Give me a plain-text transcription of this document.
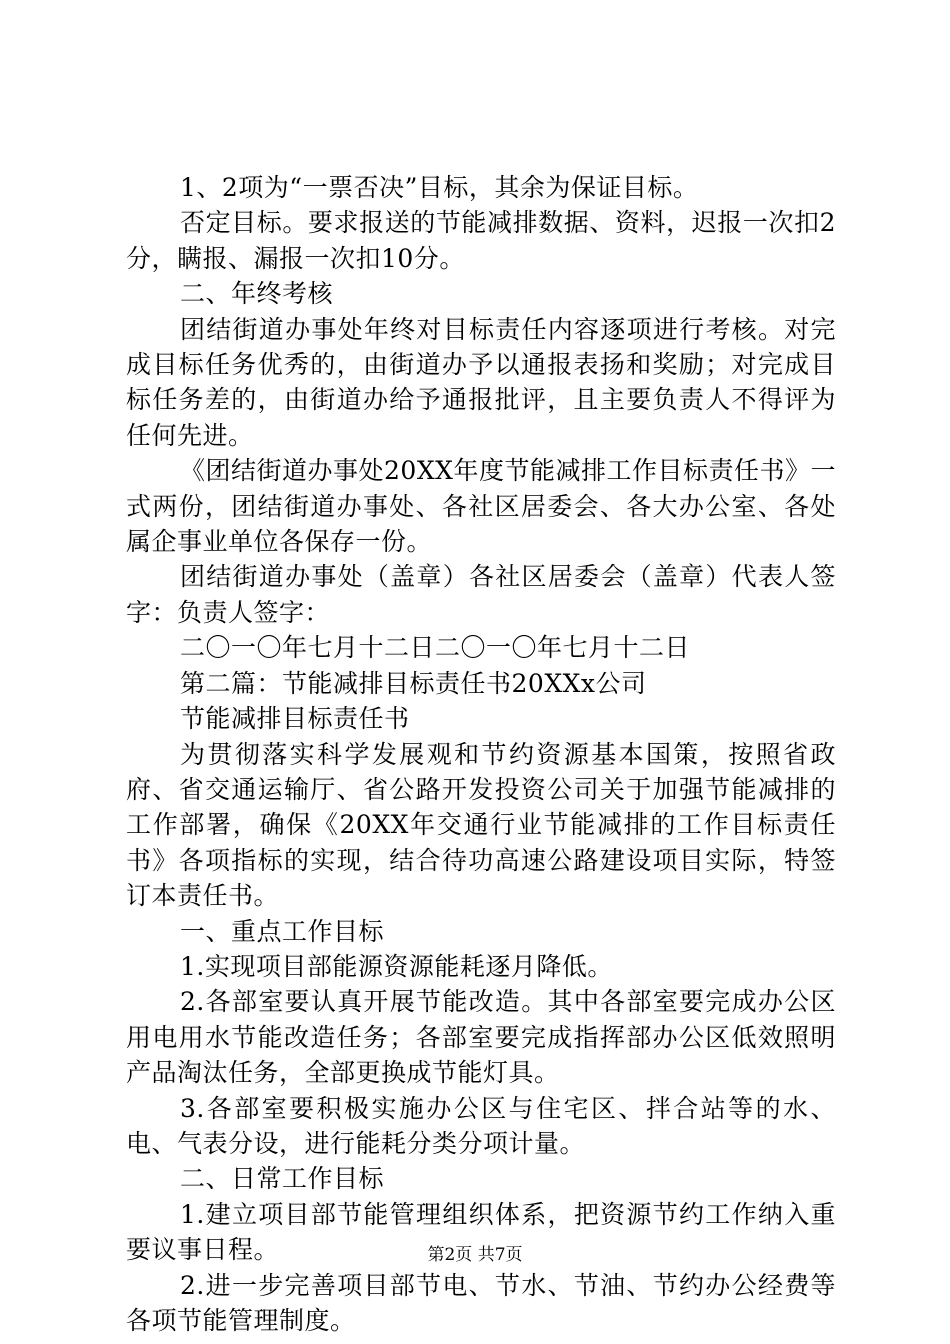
1、2项为“一票否决”目标，其余为保证目标。

否定目标。要求报送的节能减排数据、资料，迟报一次扣2分，瞒报、漏报一次扣10分。

二、年终考核

团结街道办事处年终对目标责任内容逐项进行考核。对完成目标任务优秀的，由街道办予以通报表扬和奖励；对完成目标任务差的，由街道办给予通报批评，且主要负责人不得评为任何先进。

《团结街道办事处20XX年度节能减排工作目标责任书》一式两份，团结街道办事处、各社区居委会、各大办公室、各处属企事业单位各保存一份。

团结街道办事处（盖章）各社区居委会（盖章）代表人签字：负责人签字：

二〇一〇年七月十二日二〇一〇年七月十二日

第二篇：节能减排目标责任书20XXx公司

节能减排目标责任书

为贯彻落实科学发展观和节约资源基本国策，按照省政府、省交通运输厅、省公路开发投资公司关于加强节能减排的工作部署，确保《20XX年交通行业节能减排的工作目标责任书》各项指标的实现，结合待功高速公路建设项目实际，特签订本责任书。

一、重点工作目标

1.实现项目部能源资源能耗逐月降低。

2.各部室要认真开展节能改造。其中各部室要完成办公区用电用水节能改造任务；各部室要完成指挥部办公区低效照明产品淘汰任务，全部更换成节能灯具。

3.各部室要积极实施办公区与住宅区、拌合站等的水、电、气表分设，进行能耗分类分项计量。

二、日常工作目标

1.建立项目部节能管理组织体系，把资源节约工作纳入重要议事日程。

2.进一步完善项目部节电、节水、节油、节约办公经费等各项节能管理制度。

第2页 共7页
